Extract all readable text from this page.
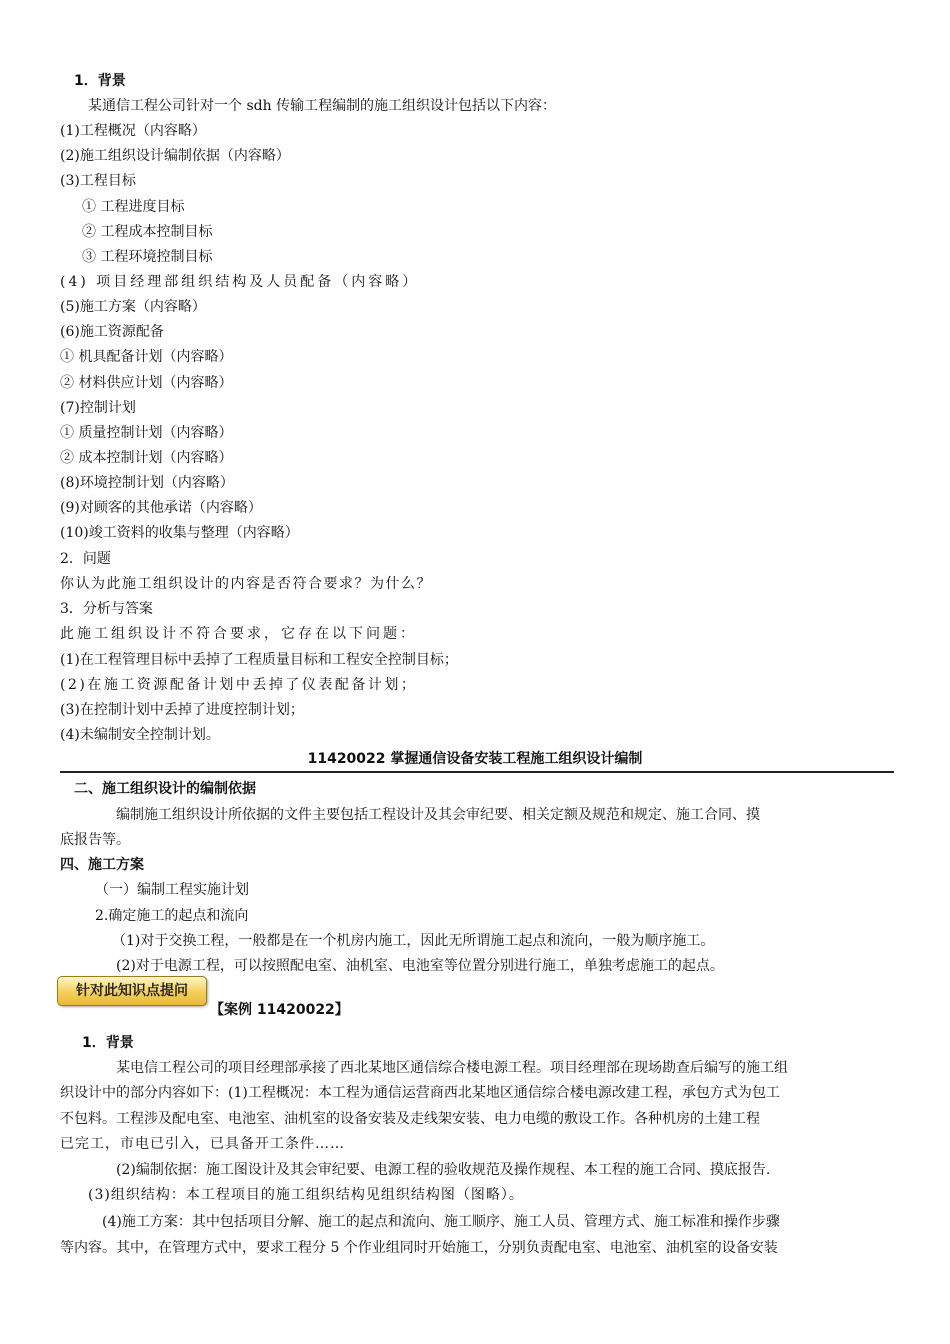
1．背景
某通信工程公司针对一个 sdh 传输工程编制的施工组织设计包括以下内容：
(1)工程概况（内容略）
(2)施工组织设计编制依据（内容略）
(3)工程目标
① 工程进度目标
② 工程成本控制目标
③ 工程环境控制目标
(4) 项目经理部组织结构及人员配备（内容略）
(5)施工方案（内容略）
(6)施工资源配备
① 机具配备计划（内容略）
② 材料供应计划（内容略）
(7)控制计划
① 质量控制计划（内容略）
② 成本控制计划（内容略）
(8)环境控制计划（内容略）
(9)对顾客的其他承诺（内容略）
(10)竣工资料的收集与整理（内容略）
2．问题
你认为此施工组织设计的内容是否符合要求？为什么？
3．分析与答案
此施工组织设计不符合要求，它存在以下问题：
(1)在工程管理目标中丢掉了工程质量目标和工程安全控制目标；
(2)在施工资源配备计划中丢掉了仪表配备计划；
(3)在控制计划中丢掉了进度控制计划；
(4)未编制安全控制计划。
11420022 掌握通信设备安装工程施工组织设计编制
二、施工组织设计的编制依据
编制施工组织设计所依据的文件主要包括工程设计及其会审纪要、相关定额及规范和规定、施工合同、摸
底报告等。
四、施工方案
（一）编制工程实施计划
2.确定施工的起点和流向
（1)对于交换工程，一般都是在一个机房内施工，因此无所谓施工起点和流向，一般为顺序施工。
(2)对于电源工程，可以按照配电室、油机室、电池室等位置分别进行施工，单独考虑施工的起点。
针对此知识点提问
【案例 11420022】
1．背景
某电信工程公司的项目经理部承接了西北某地区通信综合楼电源工程。项目经理部在现场勘查后编写的施工组
织设计中的部分内容如下：(1)工程概况：本工程为通信运营商西北某地区通信综合楼电源改建工程，承包方式为包工
不包料。工程涉及配电室、电池室、油机室的设备安装及走线架安装、电力电缆的敷设工作。各种机房的土建工程
已完工，市电已引入，已具备开工条件……
(2)编制依据：施工图设计及其会审纪要、电源工程的验收规范及操作规程、本工程的施工合同、摸底报告.
(3)组织结构：本工程项目的施工组织结构见组织结构图（图略）。
(4)施工方案：其中包括项目分解、施工的起点和流向、施工顺序、施工人员、管理方式、施工标准和操作步骤
等内容。其中，在管理方式中，要求工程分 5 个作业组同时开始施工，分别负责配电室、电池室、油机室的设备安装
